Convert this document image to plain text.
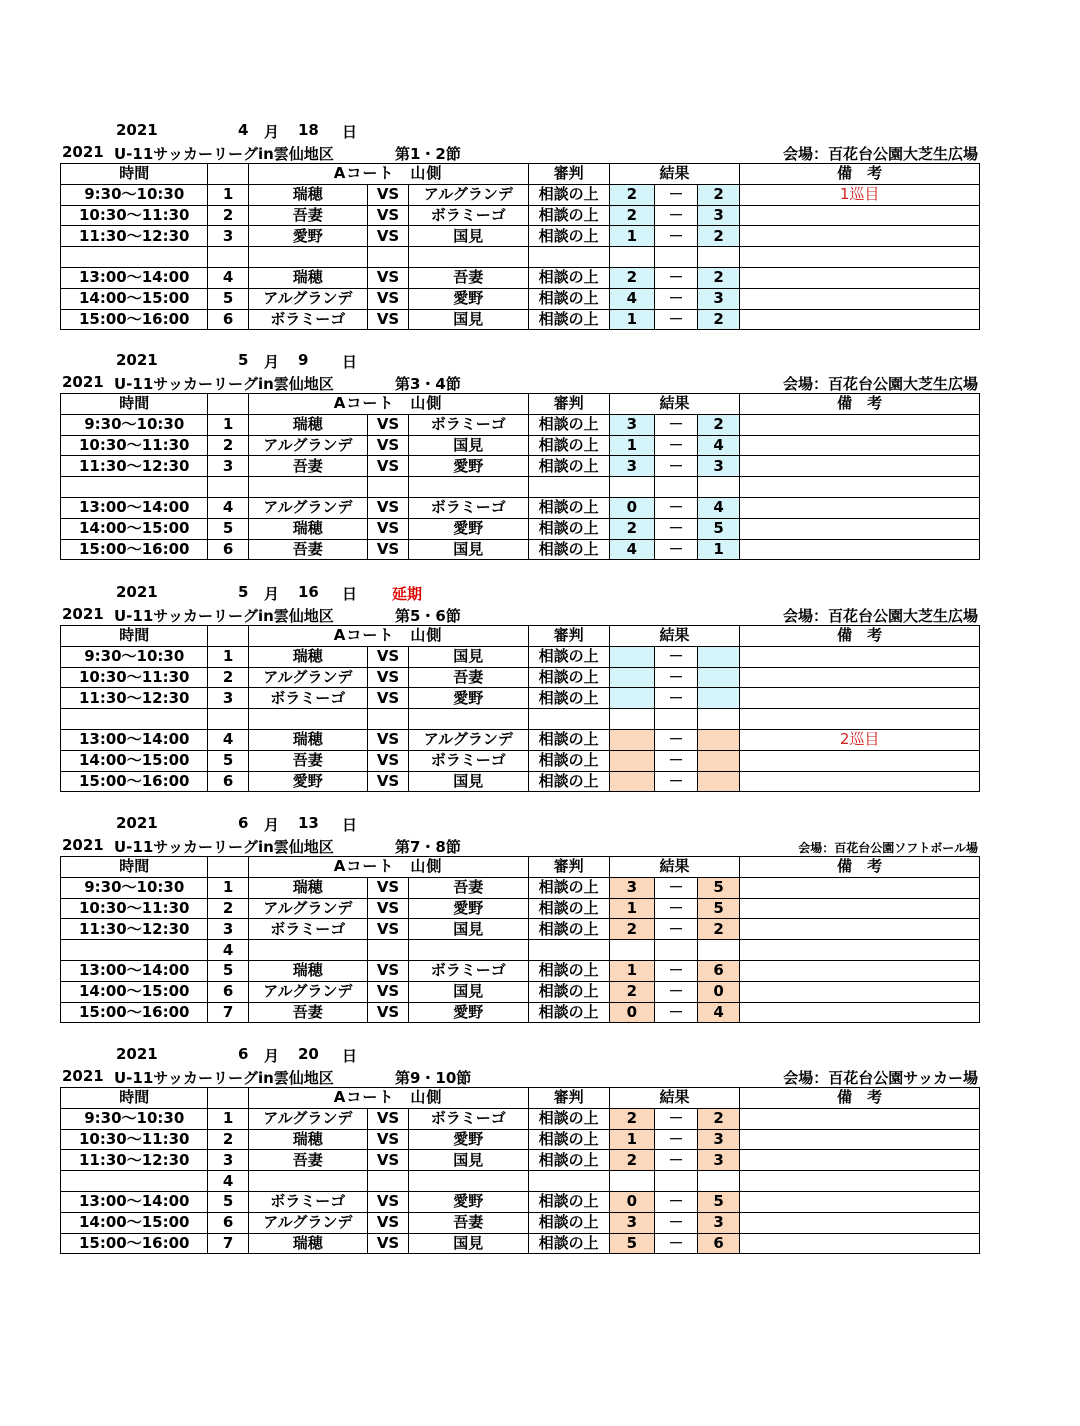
2021	4 月 18 日
2021 U-11サッカーリーグin雲仙地区	第1・2節	会場：百花台公園大芝生広場
時間		Aコート　山側			審判	結果			備　考
9:30～10:30	1	瑞穂	VS	アルグランデ	相談の上	2	－	2	1巡目
10:30～11:30	2	吾妻	VS	ボラミーゴ	相談の上	2	－	3	
11:30～12:30	3	愛野	VS	国見	相談の上	1	－	2	

13:00～14:00	4	瑞穂	VS	吾妻	相談の上	2	－	2	
14:00～15:00	5	アルグランデ	VS	愛野	相談の上	4	－	3	
15:00～16:00	6	ボラミーゴ	VS	国見	相談の上	1	－	2	
2021	5 月 9 日
2021 U-11サッカーリーグin雲仙地区	第3・4節	会場：百花台公園大芝生広場
時間		Aコート　山側			審判	結果			備　考
9:30～10:30	1	瑞穂	VS	ボラミーゴ	相談の上	3	－	2	
10:30～11:30	2	アルグランデ	VS	国見	相談の上	1	－	4	
11:30～12:30	3	吾妻	VS	愛野	相談の上	3	－	3	

13:00～14:00	4	アルグランデ	VS	ボラミーゴ	相談の上	0	－	4	
14:00～15:00	5	瑞穂	VS	愛野	相談の上	2	－	5	
15:00～16:00	6	吾妻	VS	国見	相談の上	4	－	1	
2021	5 月 16 日 延期
2021 U-11サッカーリーグin雲仙地区	第5・6節	会場：百花台公園大芝生広場
時間		Aコート　山側			審判	結果			備　考
9:30～10:30	1	瑞穂	VS	国見	相談の上		－		
10:30～11:30	2	アルグランデ	VS	吾妻	相談の上		－		
11:30～12:30	3	ボラミーゴ	VS	愛野	相談の上		－		

13:00～14:00	4	瑞穂	VS	アルグランデ	相談の上		－		2巡目
14:00～15:00	5	吾妻	VS	ボラミーゴ	相談の上		－		
15:00～16:00	6	愛野	VS	国見	相談の上		－		
2021	6 月 13 日
2021 U-11サッカーリーグin雲仙地区	第7・8節	会場：百花台公園ソフトボール場
時間		Aコート　山側			審判	結果			備　考
9:30～10:30	1	瑞穂	VS	吾妻	相談の上	3	－	5	
10:30～11:30	2	アルグランデ	VS	愛野	相談の上	1	－	5	
11:30～12:30	3	ボラミーゴ	VS	国見	相談の上	2	－	2	
	4								
13:00～14:00	5	瑞穂	VS	ボラミーゴ	相談の上	1	－	6	
14:00～15:00	6	アルグランデ	VS	国見	相談の上	2	－	0	
15:00～16:00	7	吾妻	VS	愛野	相談の上	0	－	4	
2021	6 月 20 日
2021 U-11サッカーリーグin雲仙地区	第9・10節	会場：百花台公園サッカー場
時間		Aコート　山側			審判	結果			備　考
9:30～10:30	1	アルグランデ	VS	ボラミーゴ	相談の上	2	－	2	
10:30～11:30	2	瑞穂	VS	愛野	相談の上	1	－	3	
11:30～12:30	3	吾妻	VS	国見	相談の上	2	－	3	
	4								
13:00～14:00	5	ボラミーゴ	VS	愛野	相談の上	0	－	5	
14:00～15:00	6	アルグランデ	VS	吾妻	相談の上	3	－	3	
15:00～16:00	7	瑞穂	VS	国見	相談の上	5	－	6	
